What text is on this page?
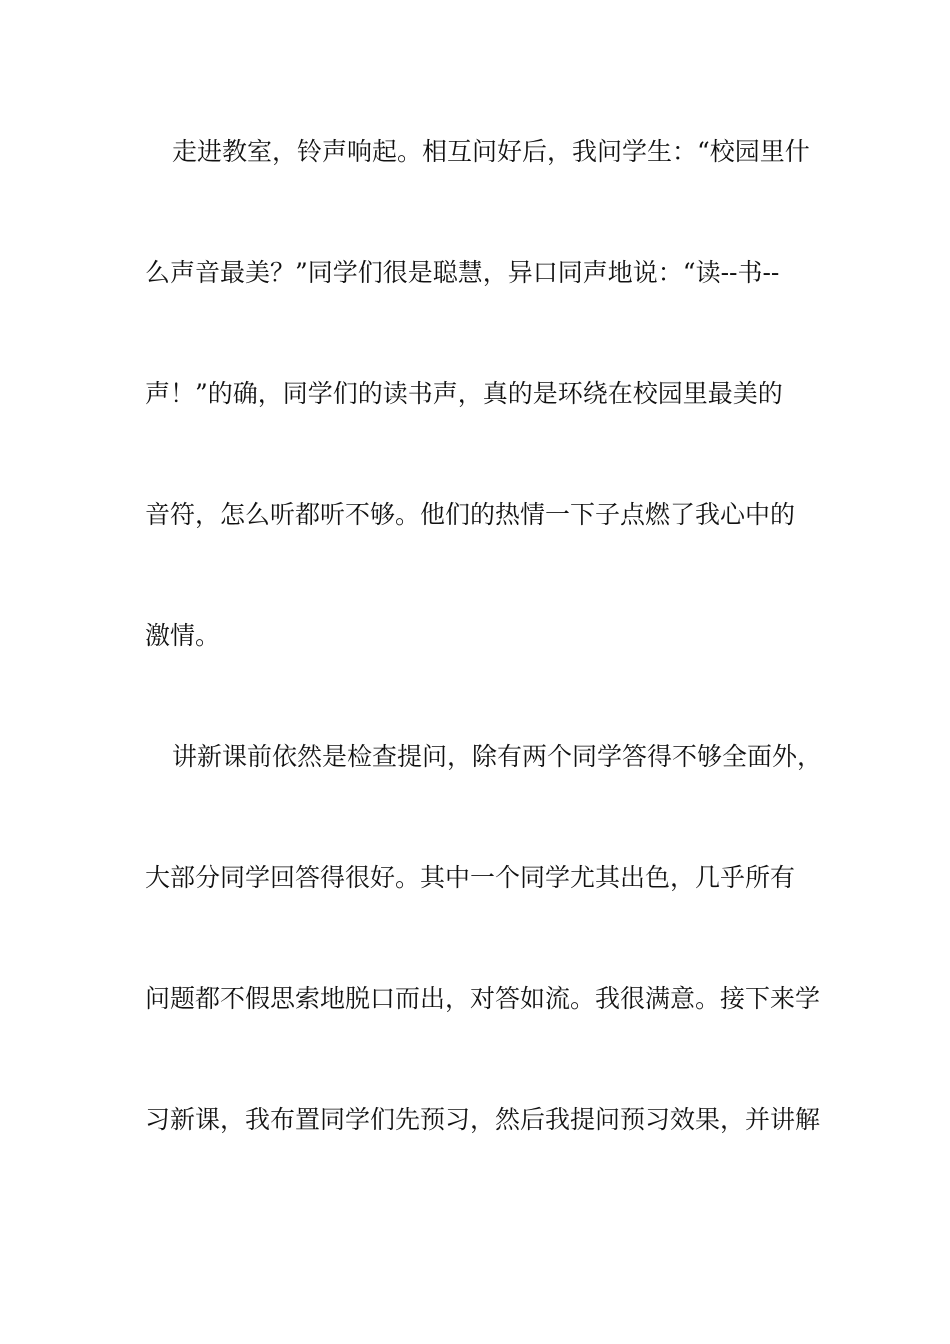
走进教室，铃声响起。相互问好后，我问学生：“校园里什
么声音最美？”同学们很是聪慧，异口同声地说：“读--书--
声！”的确，同学们的读书声，真的是环绕在校园里最美的
音符，怎么听都听不够。他们的热情一下子点燃了我心中的
激情。
讲新课前依然是检查提问，除有两个同学答得不够全面外，
大部分同学回答得很好。其中一个同学尤其出色，几乎所有
问题都不假思索地脱口而出，对答如流。我很满意。接下来学
习新课，我布置同学们先预习，然后我提问预习效果，并讲解
